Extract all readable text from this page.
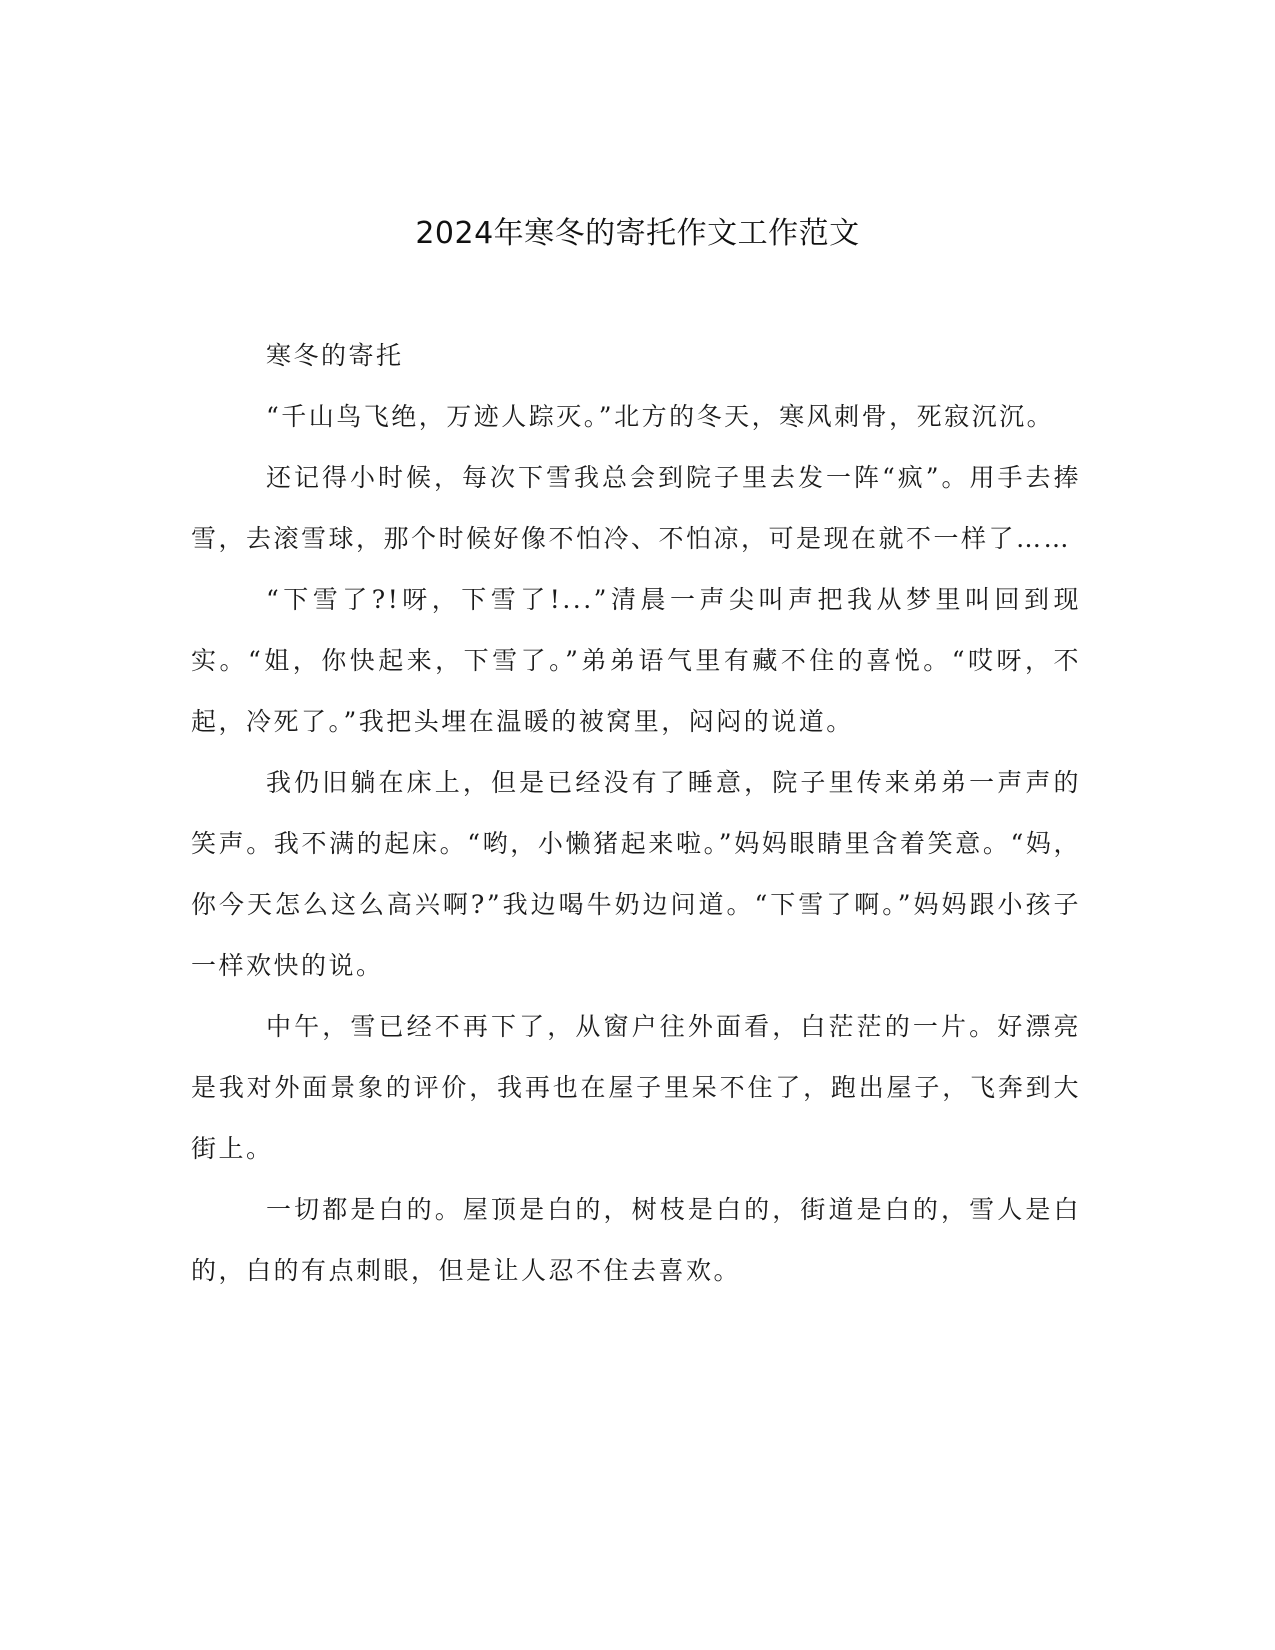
2024年寒冬的寄托作文工作范文

寒冬的寄托

“千山鸟飞绝，万迹人踪灭。”北方的冬天，寒风刺骨，死寂沉沉。

还记得小时候，每次下雪我总会到院子里去发一阵“疯”。用手去捧雪，去滚雪球，那个时候好像不怕冷、不怕凉，可是现在就不一样了……

“下雪了?!呀，下雪了!...”清晨一声尖叫声把我从梦里叫回到现实。“姐，你快起来，下雪了。”弟弟语气里有藏不住的喜悦。“哎呀，不起，冷死了。”我把头埋在温暖的被窝里，闷闷的说道。

我仍旧躺在床上，但是已经没有了睡意，院子里传来弟弟一声声的笑声。我不满的起床。“哟，小懒猪起来啦。”妈妈眼睛里含着笑意。“妈，你今天怎么这么高兴啊?”我边喝牛奶边问道。“下雪了啊。”妈妈跟小孩子一样欢快的说。

中午，雪已经不再下了，从窗户往外面看，白茫茫的一片。好漂亮是我对外面景象的评价，我再也在屋子里呆不住了，跑出屋子，飞奔到大街上。

一切都是白的。屋顶是白的，树枝是白的，街道是白的，雪人是白的，白的有点刺眼，但是让人忍不住去喜欢。
